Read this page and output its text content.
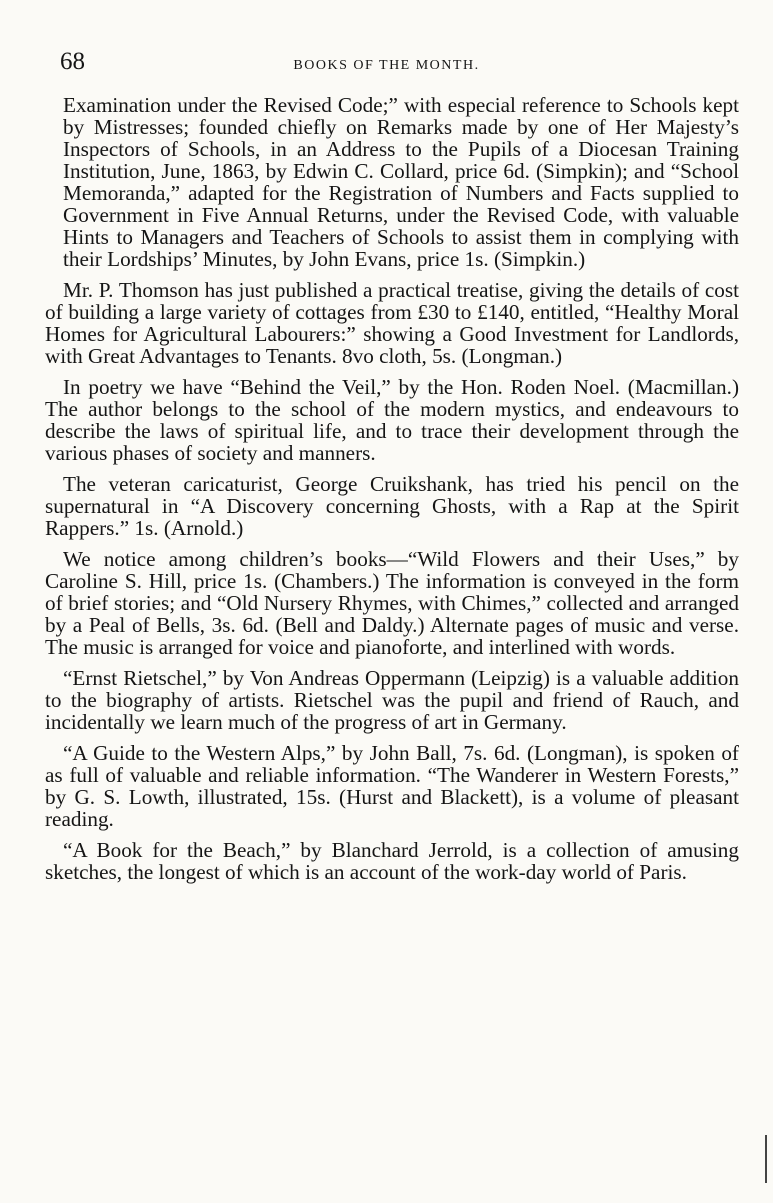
68	BOOKS OF THE MONTH.

Examination under the Revised Code;” with especial reference to Schools kept by Mistresses; founded chiefly on Remarks made by one of Her Majesty’s Inspectors of Schools, in an Address to the Pupils of a Diocesan Training Institution, June, 1863, by Edwin C. Collard, price 6d. (Simpkin); and “School Memoranda,” adapted for the Registration of Numbers and Facts supplied to Government in Five Annual Returns, under the Revised Code, with valuable Hints to Managers and Teachers of Schools to assist them in complying with their Lordships’ Minutes, by John Evans, price 1s. (Simpkin.)

Mr. P. Thomson has just published a practical treatise, giving the details of cost of building a large variety of cottages from £30 to £140, entitled, “Healthy Moral Homes for Agricultural Labourers:” showing a Good Investment for Landlords, with Great Advantages to Tenants. 8vo cloth, 5s. (Longman.)

In poetry we have “Behind the Veil,” by the Hon. Roden Noel. (Macmillan.) The author belongs to the school of the modern mystics, and endeavours to describe the laws of spiritual life, and to trace their development through the various phases of society and manners.

The veteran caricaturist, George Cruikshank, has tried his pencil on the supernatural in “A Discovery concerning Ghosts, with a Rap at the Spirit Rappers.” 1s. (Arnold.)

We notice among children’s books—“Wild Flowers and their Uses,” by Caroline S. Hill, price 1s. (Chambers.) The information is conveyed in the form of brief stories; and “Old Nursery Rhymes, with Chimes,” collected and arranged by a Peal of Bells, 3s. 6d. (Bell and Daldy.) Alternate pages of music and verse. The music is arranged for voice and pianoforte, and interlined with words.

“Ernst Rietschel,” by Von Andreas Oppermann (Leipzig) is a valuable addition to the biography of artists. Rietschel was the pupil and friend of Rauch, and incidentally we learn much of the progress of art in Germany.

“A Guide to the Western Alps,” by John Ball, 7s. 6d. (Longman), is spoken of as full of valuable and reliable information. “The Wanderer in Western Forests,” by G. S. Lowth, illustrated, 15s. (Hurst and Blackett), is a volume of pleasant reading.

“A Book for the Beach,” by Blanchard Jerrold, is a collection of amusing sketches, the longest of which is an account of the work-day world of Paris.
